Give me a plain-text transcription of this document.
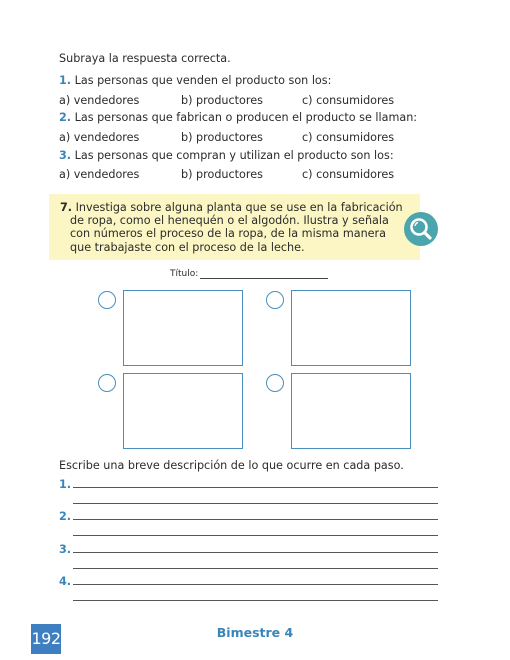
Subraya la respuesta correcta.
1. Las personas que venden el producto son los:
a) vendedores	b) productores	c) consumidores
2. Las personas que fabrican o producen el producto se llaman:
a) vendedores	b) productores	c) consumidores
3. Las personas que compran y utilizan el producto son los:
a) vendedores	b) productores	c) consumidores
7. Investiga sobre alguna planta que se use en la fabricación
de ropa, como el henequén o el algodón. Ilustra y señala
con números el proceso de la ropa, de la misma manera
que trabajaste con el proceso de la leche.
Título:
Escribe una breve descripción de lo que ocurre en cada paso.
1.
2.
3.
4.
192	Bimestre 4
